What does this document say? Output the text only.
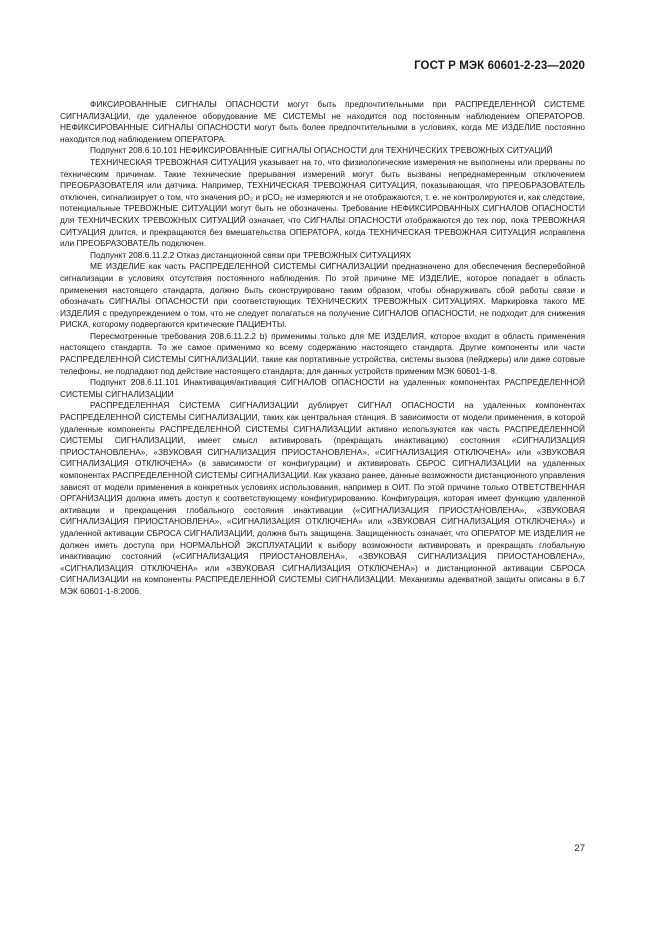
ГОСТ Р МЭК 60601-2-23—2020

ФИКСИРОВАННЫЕ СИГНАЛЫ ОПАСНОСТИ могут быть предпочтительными при РАСПРЕДЕЛЕННОЙ СИСТЕМЕ СИГНАЛИЗАЦИИ, где удаленное оборудование МЕ СИСТЕМЫ не находится под постоянным наблюдением ОПЕРАТОРОВ. НЕФИКСИРОВАННЫЕ СИГНАЛЫ ОПАСНОСТИ могут быть более предпочтительными в условиях, когда МЕ ИЗДЕЛИЕ постоянно находится под наблюдением ОПЕРАТОРА.

Подпункт 208.6.10.101 НЕФИКСИРОВАННЫЕ СИГНАЛЫ ОПАСНОСТИ для ТЕХНИЧЕСКИХ ТРЕВОЖНЫХ СИТУАЦИЙ

ТЕХНИЧЕСКАЯ ТРЕВОЖНАЯ СИТУАЦИЯ указывает на то, что физиологические измерения не выполнены или прерваны по техническим причинам. Такие технические прерывания измерений могут быть вызваны непреднамеренным отключением ПРЕОБРАЗОВАТЕЛЯ или датчика. Например, ТЕХНИЧЕСКАЯ ТРЕВОЖНАЯ СИТУАЦИЯ, показывающая, что ПРЕОБРАЗОВАТЕЛЬ отключен, сигнализирует о том, что значения pO₂ и pCO₂ не измеряются и не отображаются, т. е. не контролируются и, как следствие, потенциальные ТРЕВОЖНЫЕ СИТУАЦИИ могут быть не обозначены. Требование НЕФИКСИРОВАННЫХ СИГНАЛОВ ОПАСНОСТИ для ТЕХНИЧЕСКИХ ТРЕВОЖНЫХ СИТУАЦИЙ означает, что СИГНАЛЫ ОПАСНОСТИ отображаются до тех пор, пока ТРЕВОЖНАЯ СИТУАЦИЯ длится, и прекращаются без вмешательства ОПЕРАТОРА, когда ТЕХНИЧЕСКАЯ ТРЕВОЖНАЯ СИТУАЦИЯ исправлена или ПРЕОБРАЗОВАТЕЛЬ подключен.

Подпункт 208.6.11.2.2 Отказ дистанционной связи при ТРЕВОЖНЫХ СИТУАЦИЯХ

МЕ ИЗДЕЛИЕ как часть РАСПРЕДЕЛЕННОЙ СИСТЕМЫ СИГНАЛИЗАЦИИ предназначено для обеспечения бесперебойной сигнализации в условиях отсутствия постоянного наблюдения. По этой причине МЕ ИЗДЕЛИЕ, которое попадает в область применения настоящего стандарта, должно быть сконструировано таким образом, чтобы обнаруживать сбой работы связи и обозначать СИГНАЛЫ ОПАСНОСТИ при соответствующих ТЕХНИЧЕСКИХ ТРЕВОЖНЫХ СИТУАЦИЯХ. Маркировка такого МЕ ИЗДЕЛИЯ с предупреждением о том, что не следует полагаться на получение СИГНАЛОВ ОПАСНОСТИ, не подходит для снижения РИСКА, которому подвергаются критические ПАЦИЕНТЫ.

Пересмотренные требования 208.6.11.2.2 b) применимы только для МЕ ИЗДЕЛИЯ, которое входит в область применения настоящего стандарта. То же самое применимо ко всему содержанию настоящего стандарта. Другие компоненты или части РАСПРЕДЕЛЕННОЙ СИСТЕМЫ СИГНАЛИЗАЦИИ, такие как портативные устройства, системы вызова (пейджеры) или даже сотовые телефоны, не подпадают под действие настоящего стандарта; для данных устройств применим МЭК 60601-1-8.

Подпункт 208.6.11.101 Инактивация/активация СИГНАЛОВ ОПАСНОСТИ на удаленных компонентах РАСПРЕДЕЛЕННОЙ СИСТЕМЫ СИГНАЛИЗАЦИИ

РАСПРЕДЕЛЕННАЯ СИСТЕМА СИГНАЛИЗАЦИИ дублирует СИГНАЛ ОПАСНОСТИ на удаленных компонентах РАСПРЕДЕЛЕННОЙ СИСТЕМЫ СИГНАЛИЗАЦИИ, таких как центральная станция. В зависимости от модели применения, в которой удаленные компоненты РАСПРЕДЕЛЕННОЙ СИСТЕМЫ СИГНАЛИЗАЦИИ активно используются как часть РАСПРЕДЕЛЕННОЙ СИСТЕМЫ СИГНАЛИЗАЦИИ, имеет смысл активировать (прекращать инактивацию) состояния «СИГНАЛИЗАЦИЯ ПРИОСТАНОВЛЕНА», «ЗВУКОВАЯ СИГНАЛИЗАЦИЯ ПРИОСТАНОВЛЕНА», «СИГНАЛИЗАЦИЯ ОТКЛЮЧЕНА» или «ЗВУКОВАЯ СИГНАЛИЗАЦИЯ ОТКЛЮЧЕНА» (в зависимости от конфигурации) и активировать СБРОС СИГНАЛИЗАЦИИ на удаленных компонентах РАСПРЕДЕЛЕННОЙ СИСТЕМЫ СИГНАЛИЗАЦИИ. Как указано ранее, данные возможности дистанционного управления зависят от модели применения в конкретных условиях использования, например в ОИТ. По этой причине только ОТВЕТСТВЕННАЯ ОРГАНИЗАЦИЯ должна иметь доступ к соответствующему конфигурированию. Конфигурация, которая имеет функцию удаленной активации и прекращения глобального состояния инактивации («СИГНАЛИЗАЦИЯ ПРИОСТАНОВЛЕНА», «ЗВУКОВАЯ СИГНАЛИЗАЦИЯ ПРИОСТАНОВЛЕНА», «СИГНАЛИЗАЦИЯ ОТКЛЮЧЕНА» или «ЗВУКОВАЯ СИГНАЛИЗАЦИЯ ОТКЛЮЧЕНА») и удаленной активации СБРОСА СИГНАЛИЗАЦИИ, должна быть защищена. Защищенность означает, что ОПЕРАТОР МЕ ИЗДЕЛИЯ не должен иметь доступа при НОРМАЛЬНОЙ ЭКСПЛУАТАЦИИ к выбору возможности активировать и прекращать глобальную инактивацию состояний («СИГНАЛИЗАЦИЯ ПРИОСТАНОВЛЕНА», «ЗВУКОВАЯ СИГНАЛИЗАЦИЯ ПРИОСТАНОВЛЕНА», «СИГНАЛИЗАЦИЯ ОТКЛЮЧЕНА» или «ЗВУКОВАЯ СИГНАЛИЗАЦИЯ ОТКЛЮЧЕНА») и дистанционной активации СБРОСА СИГНАЛИЗАЦИИ на компоненты РАСПРЕДЕЛЕННОЙ СИСТЕМЫ СИГНАЛИЗАЦИИ. Механизмы адекватной защиты описаны в 6.7 МЭК 60601-1-8:2006.

27
